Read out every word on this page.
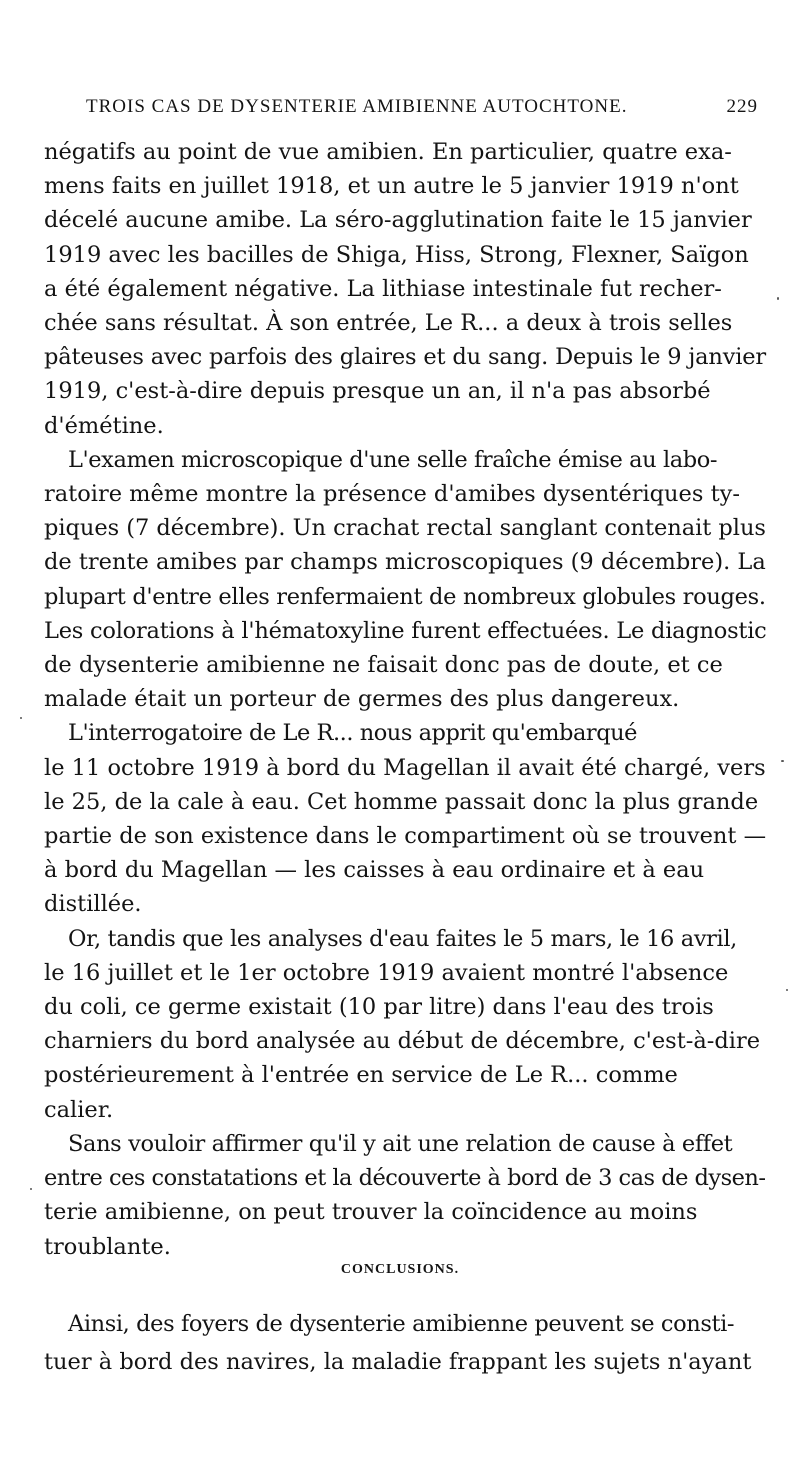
TROIS CAS DE DYSENTERIE AMIBIENNE AUTOCHTONE.	229

négatifs au point de vue amibien. En particulier, quatre exa-
mens faits en juillet 1918, et un autre le 5 janvier 1919 n'ont
décelé aucune amibe. La séro-agglutination faite le 15 janvier
1919 avec les bacilles de Shiga, Hiss, Strong, Flexner, Saïgon
a été également négative. La lithiase intestinale fut recher-
chée sans résultat. À son entrée, Le R... a deux à trois selles
pâteuses avec parfois des glaires et du sang. Depuis le 9 janvier
1919, c'est-à-dire depuis presque un an, il n'a pas absorbé
d'émétine.

L'examen microscopique d'une selle fraîche émise au labo-
ratoire même montre la présence d'amibes dysentériques ty-
piques (7 décembre). Un crachat rectal sanglant contenait plus
de trente amibes par champs microscopiques (9 décembre). La
plupart d'entre elles renfermaient de nombreux globules rouges.
Les colorations à l'hématoxyline furent effectuées. Le diagnostic
de dysenterie amibienne ne faisait donc pas de doute, et ce
malade était un porteur de germes des plus dangereux.

L'interrogatoire de Le R... nous apprit qu'embarqué
le 11 octobre 1919 à bord du Magellan il avait été chargé, vers
le 25, de la cale à eau. Cet homme passait donc la plus grande
partie de son existence dans le compartiment où se trouvent —
à bord du Magellan — les caisses à eau ordinaire et à eau
distillée.

Or, tandis que les analyses d'eau faites le 5 mars, le 16 avril,
le 16 juillet et le 1er octobre 1919 avaient montré l'absence
du coli, ce germe existait (10 par litre) dans l'eau des trois
charniers du bord analysée au début de décembre, c'est-à-dire
postérieurement à l'entrée en service de Le R... comme
calier.

Sans vouloir affirmer qu'il y ait une relation de cause à effet
entre ces constatations et la découverte à bord de 3 cas de dysen-
terie amibienne, on peut trouver la coïncidence au moins
troublante.

CONCLUSIONS.
Ainsi, des foyers de dysenterie amibienne peuvent se consti-
tuer à bord des navires, la maladie frappant les sujets n'ayant
